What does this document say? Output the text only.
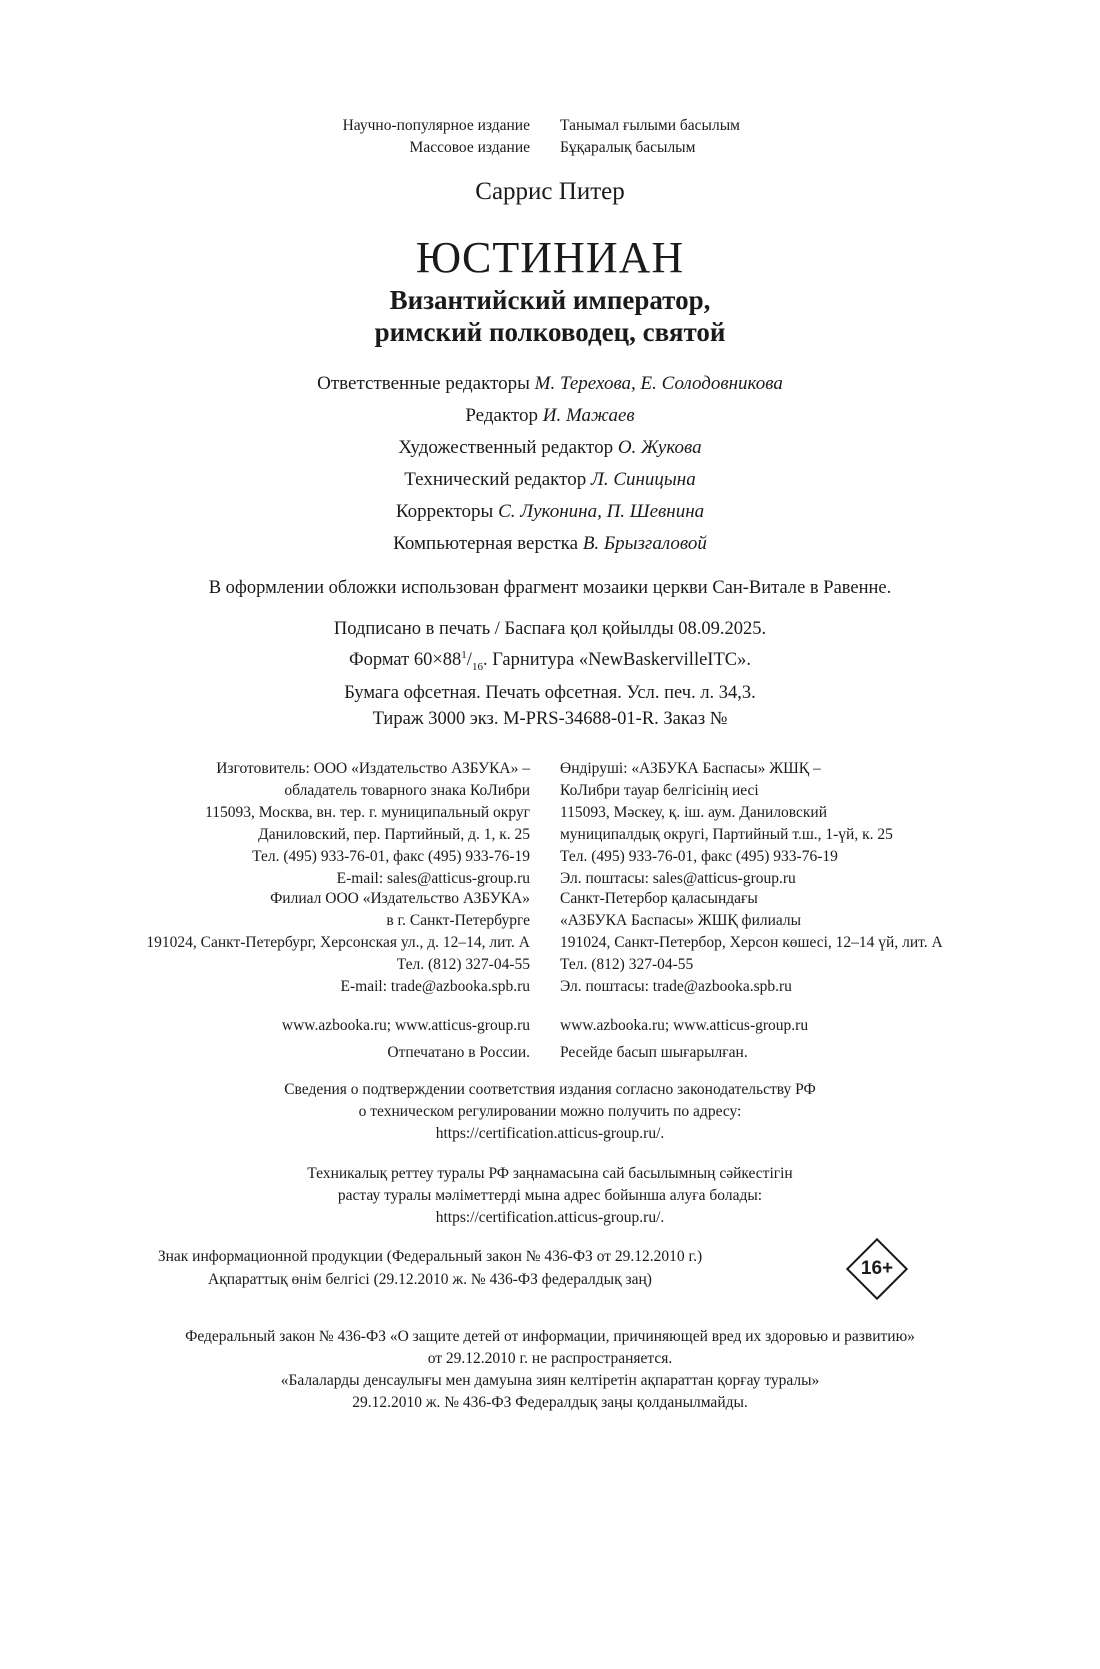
Научно-популярное издание
Массовое издание
Танымал ғылыми басылым
Бұқаралық басылым
Саррис Питер
ЮСТИНИАН
Византийский император,
римский полководец, святой
Ответственные редакторы М. Терехова, Е. Солодовникова
Редактор И. Мажаев
Художественный редактор О. Жукова
Технический редактор Л. Синицына
Корректоры С. Луконина, П. Шевнина
Компьютерная верстка В. Брызгаловой
В оформлении обложки использован фрагмент мозаики церкви Сан-Витале в Равенне.
Подписано в печать / Баспаға қол қойылды 08.09.2025.
Формат $60\times 88^1/_{16}$. Гарнитура «NewBaskervilleITC».
Бумага офсетная. Печать офсетная. Усл. печ. л. 34,3.
Тираж 3000 экз. M-PRS-34688-01-R. Заказ №
Изготовитель: ООО «Издательство АЗБУКА» –
обладатель товарного знака КоЛибри
115093, Москва, вн. тер. г. муниципальный округ
Даниловский, пер. Партийный, д. 1, к. 25
Тел. (495) 933-76-01, факс (495) 933-76-19
E-mail: sales@atticus-group.ru
Өндіруші: «АЗБУКА Баспасы» ЖШҚ –
КоЛибри тауар белгісінің иесі
115093, Мәскеу, қ. іш. аум. Даниловский
муниципалдық округі, Партийный т.ш., 1-үй, к. 25
Тел. (495) 933-76-01, факс (495) 933-76-19
Эл. поштасы: sales@atticus-group.ru
Филиал ООО «Издательство АЗБУКА»
в г. Санкт-Петербурге
191024, Санкт-Петербург, Херсонская ул., д. 12–14, лит. А
Тел. (812) 327-04-55
E-mail: trade@azbooka.spb.ru
Санкт-Петербор қаласындағы
«АЗБУКА Баспасы» ЖШҚ филиалы
191024, Санкт-Петербор, Херсон көшесі, 12–14 үй, лит. А
Тел. (812) 327-04-55
Эл. поштасы: trade@azbooka.spb.ru
www.azbooka.ru; www.atticus-group.ru	www.azbooka.ru; www.atticus-group.ru
Отпечатано в России.	Ресейде басып шығарылған.
Сведения о подтверждении соответствия издания согласно законодательству РФ
о техническом регулировании можно получить по адресу:
https://certification.atticus-group.ru/.
Техникалық реттеу туралы РФ заңнамасына сай басылымның сәйкестігін
растау туралы мәліметтерді мына адрес бойынша алуға болады:
https://certification.atticus-group.ru/.
Знак информационной продукции (Федеральный закон № 436-ФЗ от 29.12.2010 г.)
Ақпараттық өнім белгісі (29.12.2010 ж. № 436-ФЗ федералдық заң)
16+
Федеральный закон № 436-ФЗ «О защите детей от информации, причиняющей вред их здоровью и развитию»
от 29.12.2010 г. не распространяется.
«Балаларды денсаулығы мен дамуына зиян келтіретін ақпараттан қорғау туралы»
29.12.2010 ж. № 436-ФЗ Федералдық заңы қолданылмайды.
